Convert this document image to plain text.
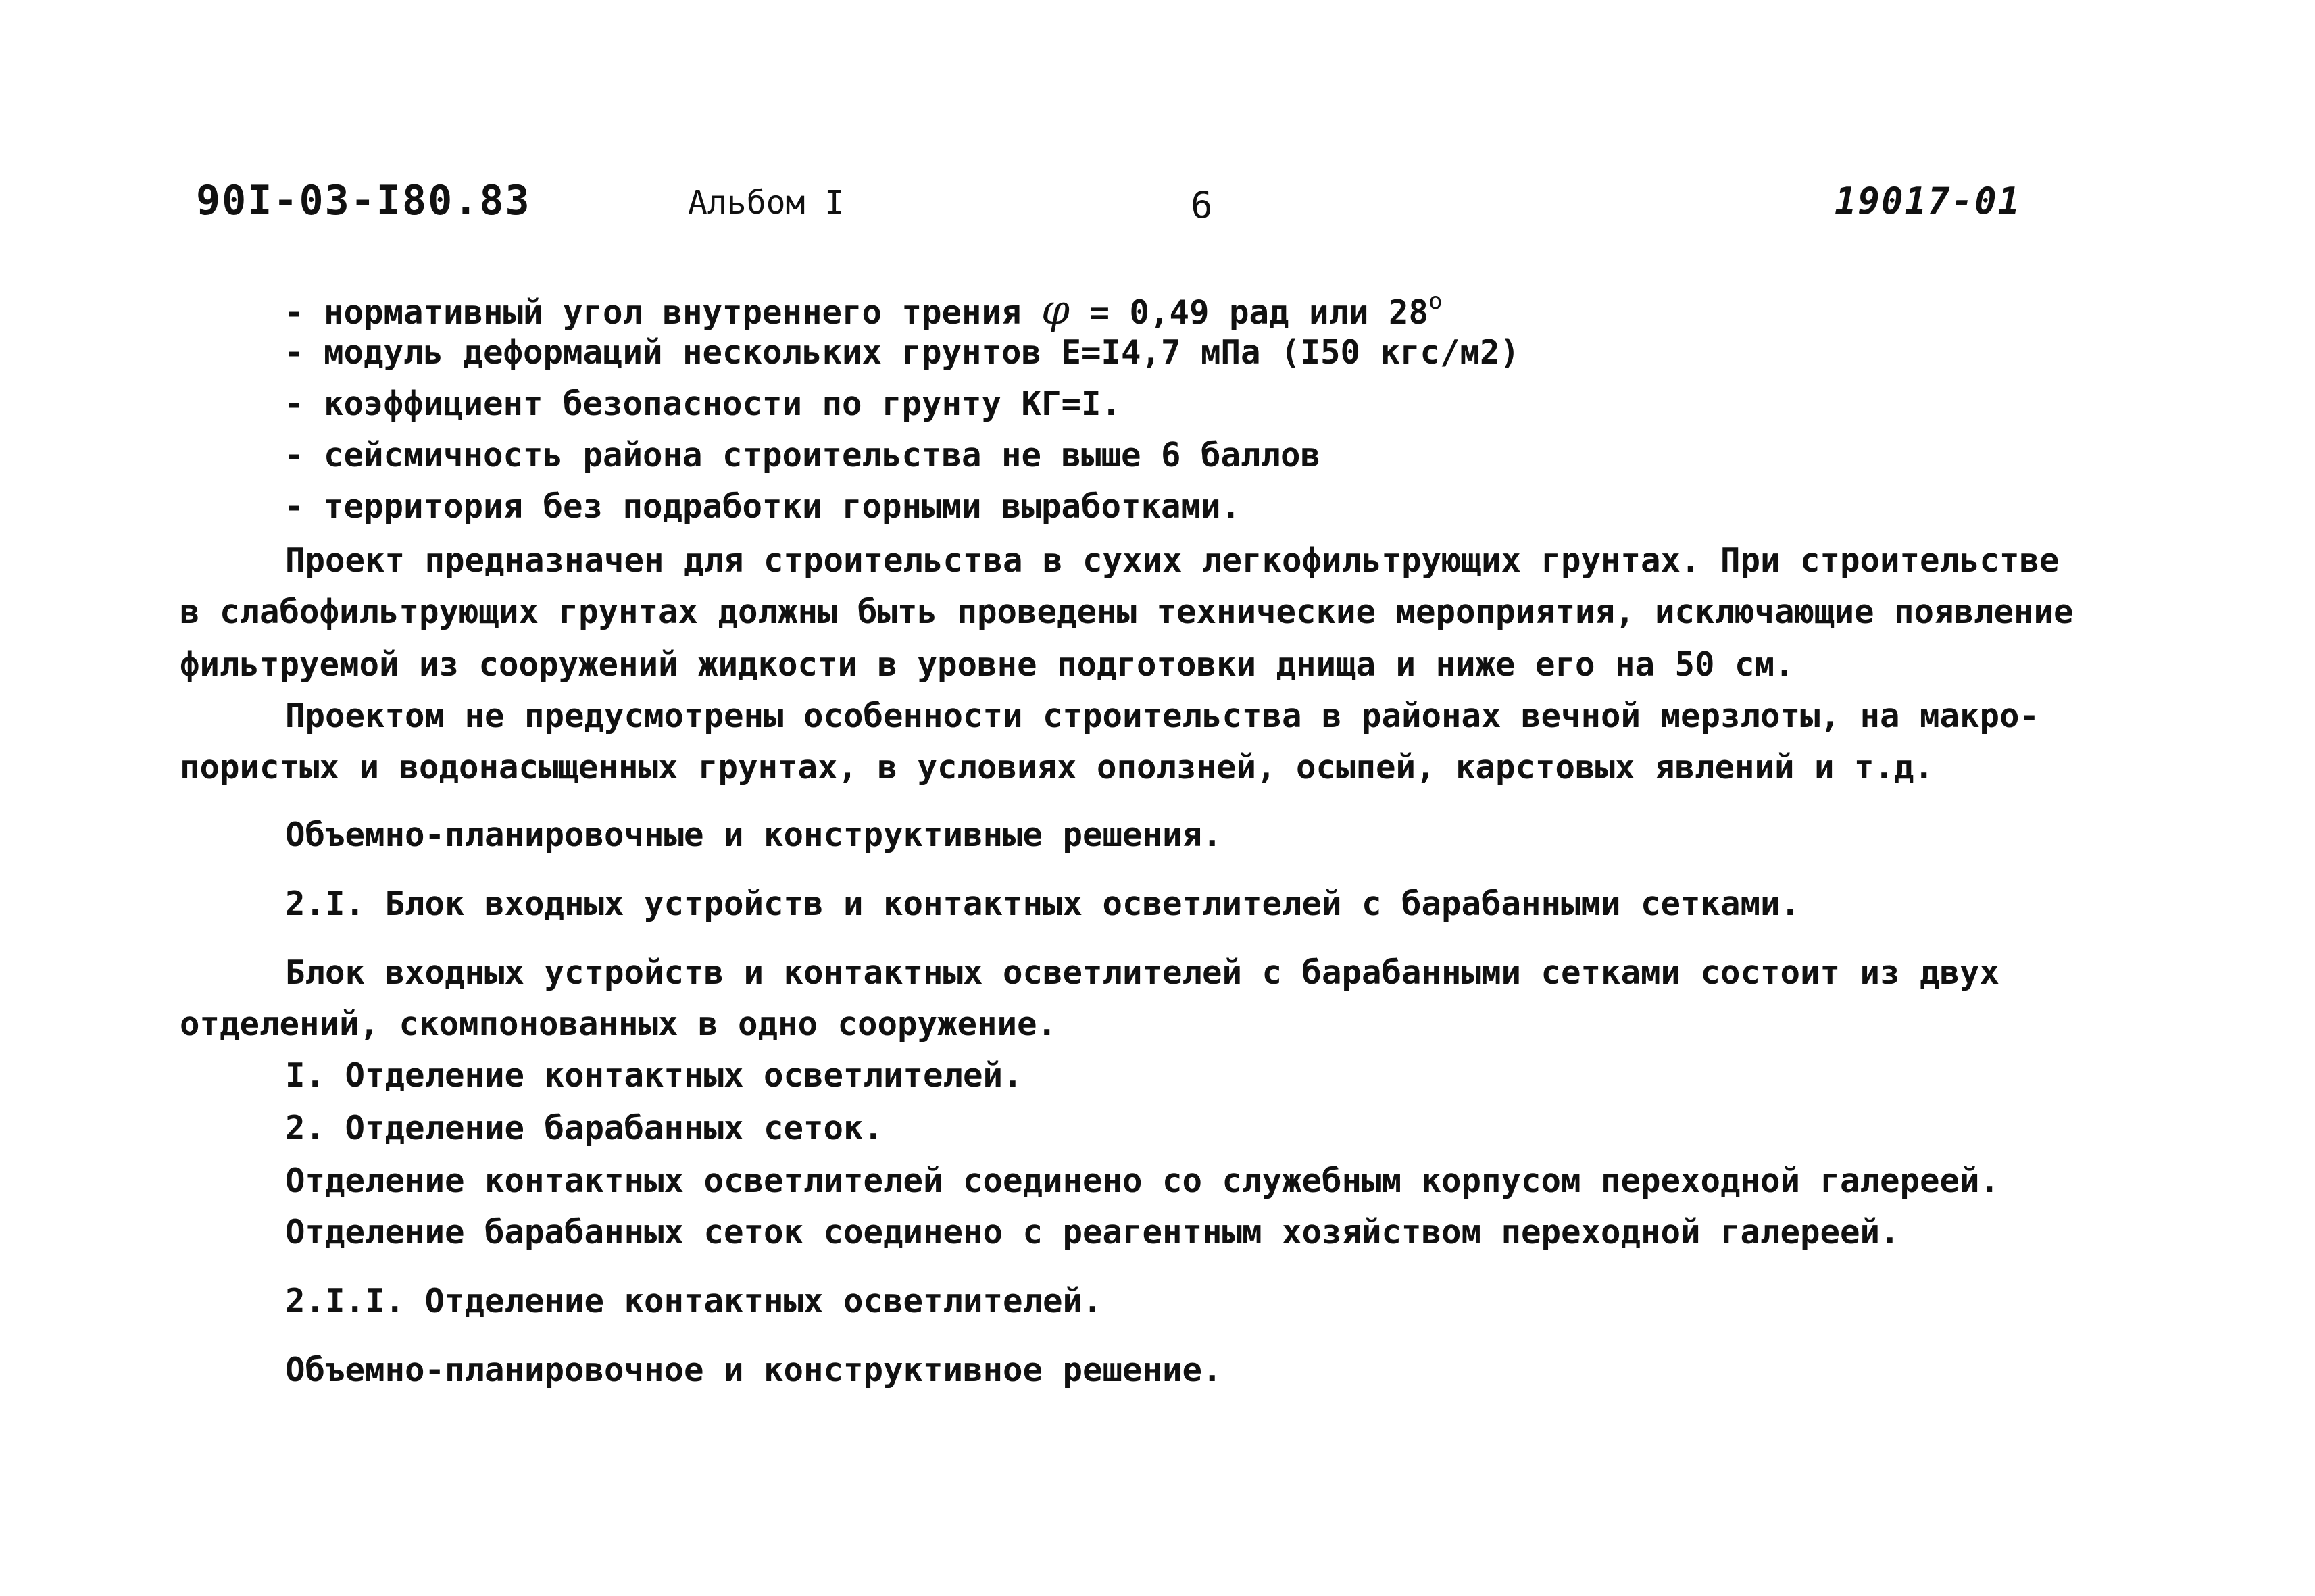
90I-03-I80.83	Альбом I	6	19017-01
- нормативный угол внутреннего трения φ = 0,49 рад или $28^о$
- модуль деформаций нескольких грунтов E=I4,7 мПа (I50 кгс/м2)
- коэффициент безопасности по грунту КГ=I.
- сейсмичность района строительства не выше 6 баллов
- территория без подработки горными выработками.
Проект предназначен для строительства в сухих легкофильтрующих грунтах. При строительстве
в слабофильтрующих грунтах должны быть проведены технические мероприятия, исключающие появление
фильтруемой из сооружений жидкости в уровне подготовки днища и ниже его на 50 см.
Проектом не предусмотрены особенности строительства в районах вечной мерзлоты, на макро-
пористых и водонасыщенных грунтах, в условиях оползней, осыпей, карстовых явлений и т.д.
Объемно-планировочные и конструктивные решения.
2.I. Блок входных устройств и контактных осветлителей с барабанными сетками.
Блок входных устройств и контактных осветлителей с барабанными сетками состоит из двух
отделений, скомпонованных в одно сооружение.
I. Отделение контактных осветлителей.
2. Отделение барабанных сеток.
Отделение контактных осветлителей соединено со служебным корпусом переходной галереей.
Отделение барабанных сеток соединено с реагентным хозяйством переходной галереей.
2.I.I. Отделение контактных осветлителей.
Объемно-планировочное и конструктивное решение.
